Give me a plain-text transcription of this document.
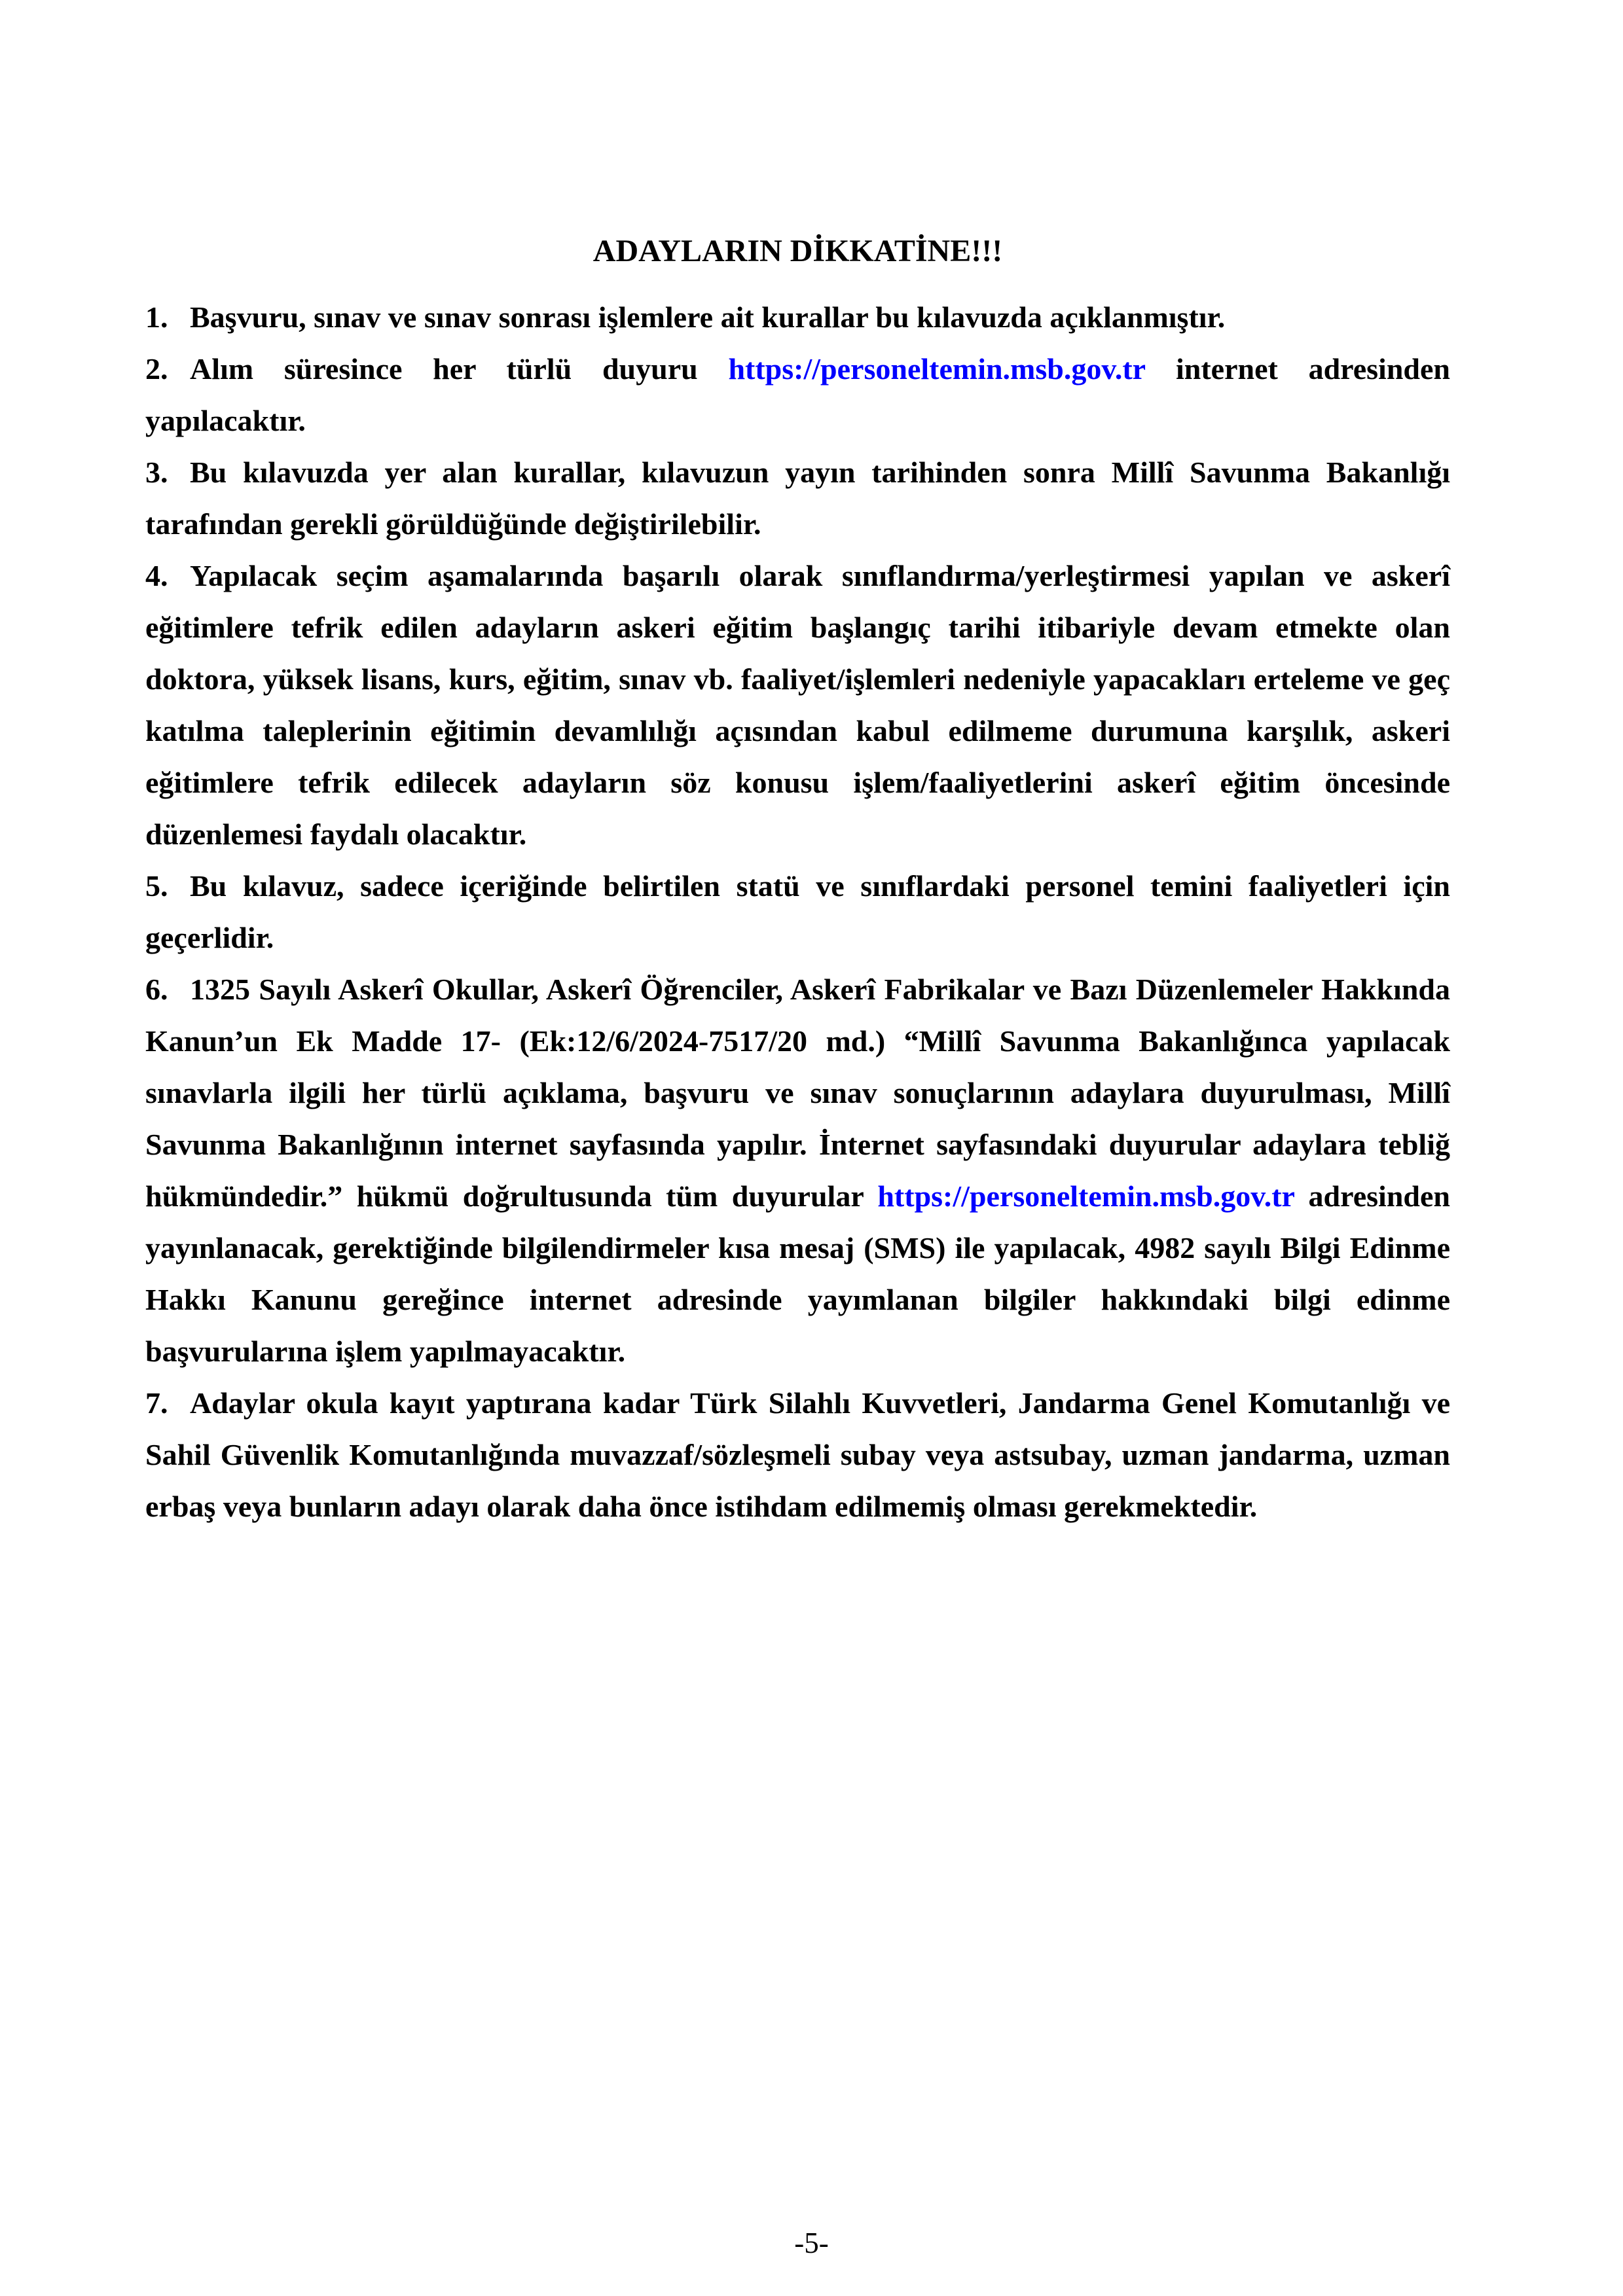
ADAYLARIN DİKKATİNE!!!

1. Başvuru, sınav ve sınav sonrası işlemlere ait kurallar bu kılavuzda açıklanmıştır.

2. Alım süresince her türlü duyuru https://personeltemin.msb.gov.tr internet adresinden yapılacaktır.

3. Bu kılavuzda yer alan kurallar, kılavuzun yayın tarihinden sonra Millî Savunma Bakanlığı tarafından gerekli görüldüğünde değiştirilebilir.

4. Yapılacak seçim aşamalarında başarılı olarak sınıflandırma/yerleştirmesi yapılan ve askerî eğitimlere tefrik edilen adayların askeri eğitim başlangıç tarihi itibariyle devam etmekte olan doktora, yüksek lisans, kurs, eğitim, sınav vb. faaliyet/işlemleri nedeniyle yapacakları erteleme ve geç katılma taleplerinin eğitimin devamlılığı açısından kabul edilmeme durumuna karşılık, askeri eğitimlere tefrik edilecek adayların söz konusu işlem/faaliyetlerini askerî eğitim öncesinde düzenlemesi faydalı olacaktır.

5. Bu kılavuz, sadece içeriğinde belirtilen statü ve sınıflardaki personel temini faaliyetleri için geçerlidir.

6. 1325 Sayılı Askerî Okullar, Askerî Öğrenciler, Askerî Fabrikalar ve Bazı Düzenlemeler Hakkında Kanun’un Ek Madde 17- (Ek:12/6/2024-7517/20 md.) “Millî Savunma Bakanlığınca yapılacak sınavlarla ilgili her türlü açıklama, başvuru ve sınav sonuçlarının adaylara duyurulması, Millî Savunma Bakanlığının internet sayfasında yapılır. İnternet sayfasındaki duyurular adaylara tebliğ hükmündedir.” hükmü doğrultusunda tüm duyurular https://personeltemin.msb.gov.tr adresinden yayınlanacak, gerektiğinde bilgilendirmeler kısa mesaj (SMS) ile yapılacak, 4982 sayılı Bilgi Edinme Hakkı Kanunu gereğince internet adresinde yayımlanan bilgiler hakkındaki bilgi edinme başvurularına işlem yapılmayacaktır.

7. Adaylar okula kayıt yaptırana kadar Türk Silahlı Kuvvetleri, Jandarma Genel Komutanlığı ve Sahil Güvenlik Komutanlığında muvazzaf/sözleşmeli subay veya astsubay, uzman jandarma, uzman erbaş veya bunların adayı olarak daha önce istihdam edilmemiş olması gerekmektedir.

-5-
